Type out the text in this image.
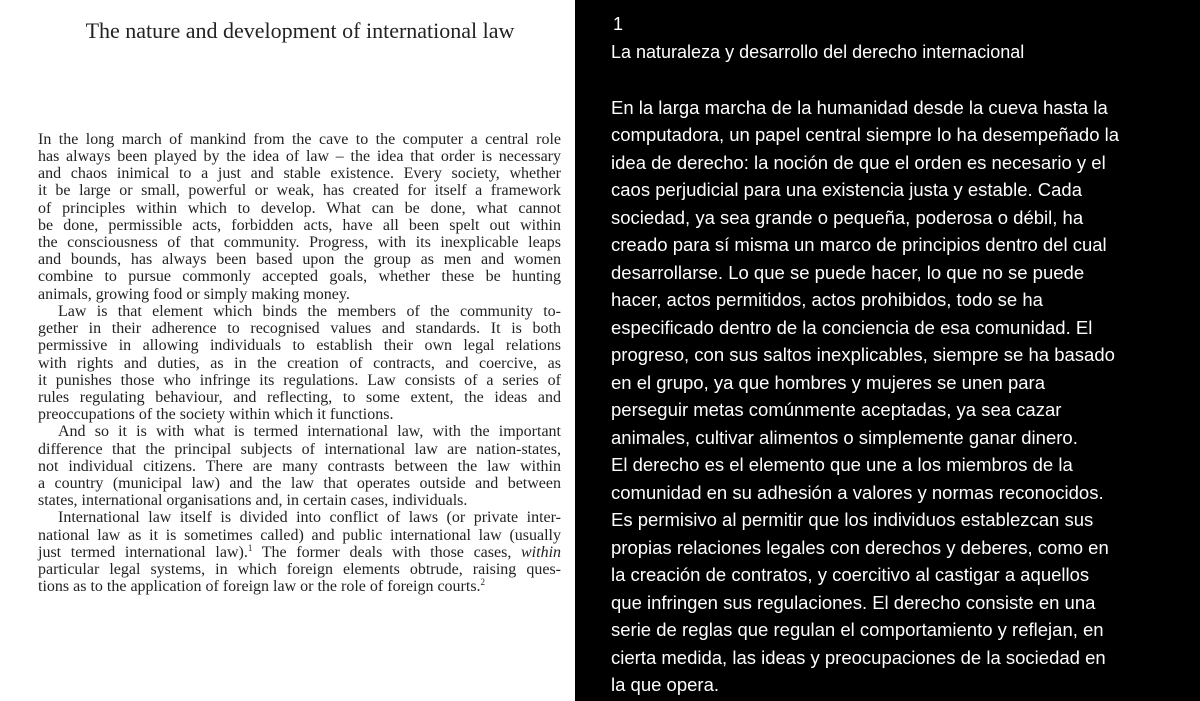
The nature and development of international law
In the long march of mankind from the cave to the computer a central role
has always been played by the idea of law – the idea that order is necessary
and chaos inimical to a just and stable existence. Every society, whether
it be large or small, powerful or weak, has created for itself a framework
of principles within which to develop. What can be done, what cannot
be done, permissible acts, forbidden acts, have all been spelt out within
the consciousness of that community. Progress, with its inexplicable leaps
and bounds, has always been based upon the group as men and women
combine to pursue commonly accepted goals, whether these be hunting
animals, growing food or simply making money.
Law is that element which binds the members of the community to-
gether in their adherence to recognised values and standards. It is both
permissive in allowing individuals to establish their own legal relations
with rights and duties, as in the creation of contracts, and coercive, as
it punishes those who infringe its regulations. Law consists of a series of
rules regulating behaviour, and reflecting, to some extent, the ideas and
preoccupations of the society within which it functions.
And so it is with what is termed international law, with the important
difference that the principal subjects of international law are nation-states,
not individual citizens. There are many contrasts between the law within
a country (municipal law) and the law that operates outside and between
states, international organisations and, in certain cases, individuals.
International law itself is divided into conflict of laws (or private inter-
national law as it is sometimes called) and public international law (usually
just termed international law).$^1$ The former deals with those cases, within
particular legal systems, in which foreign elements obtrude, raising ques-
tions as to the application of foreign law or the role of foreign courts.$^2$
1
La naturaleza y desarrollo del derecho internacional
En la larga marcha de la humanidad desde la cueva hasta la
computadora, un papel central siempre lo ha desempeñado la
idea de derecho: la noción de que el orden es necesario y el
caos perjudicial para una existencia justa y estable. Cada
sociedad, ya sea grande o pequeña, poderosa o débil, ha
creado para sí misma un marco de principios dentro del cual
desarrollarse. Lo que se puede hacer, lo que no se puede
hacer, actos permitidos, actos prohibidos, todo se ha
especificado dentro de la conciencia de esa comunidad. El
progreso, con sus saltos inexplicables, siempre se ha basado
en el grupo, ya que hombres y mujeres se unen para
perseguir metas comúnmente aceptadas, ya sea cazar
animales, cultivar alimentos o simplemente ganar dinero.
El derecho es el elemento que une a los miembros de la
comunidad en su adhesión a valores y normas reconocidos.
Es permisivo al permitir que los individuos establezcan sus
propias relaciones legales con derechos y deberes, como en
la creación de contratos, y coercitivo al castigar a aquellos
que infringen sus regulaciones. El derecho consiste en una
serie de reglas que regulan el comportamiento y reflejan, en
cierta medida, las ideas y preocupaciones de la sociedad en
la que opera.
